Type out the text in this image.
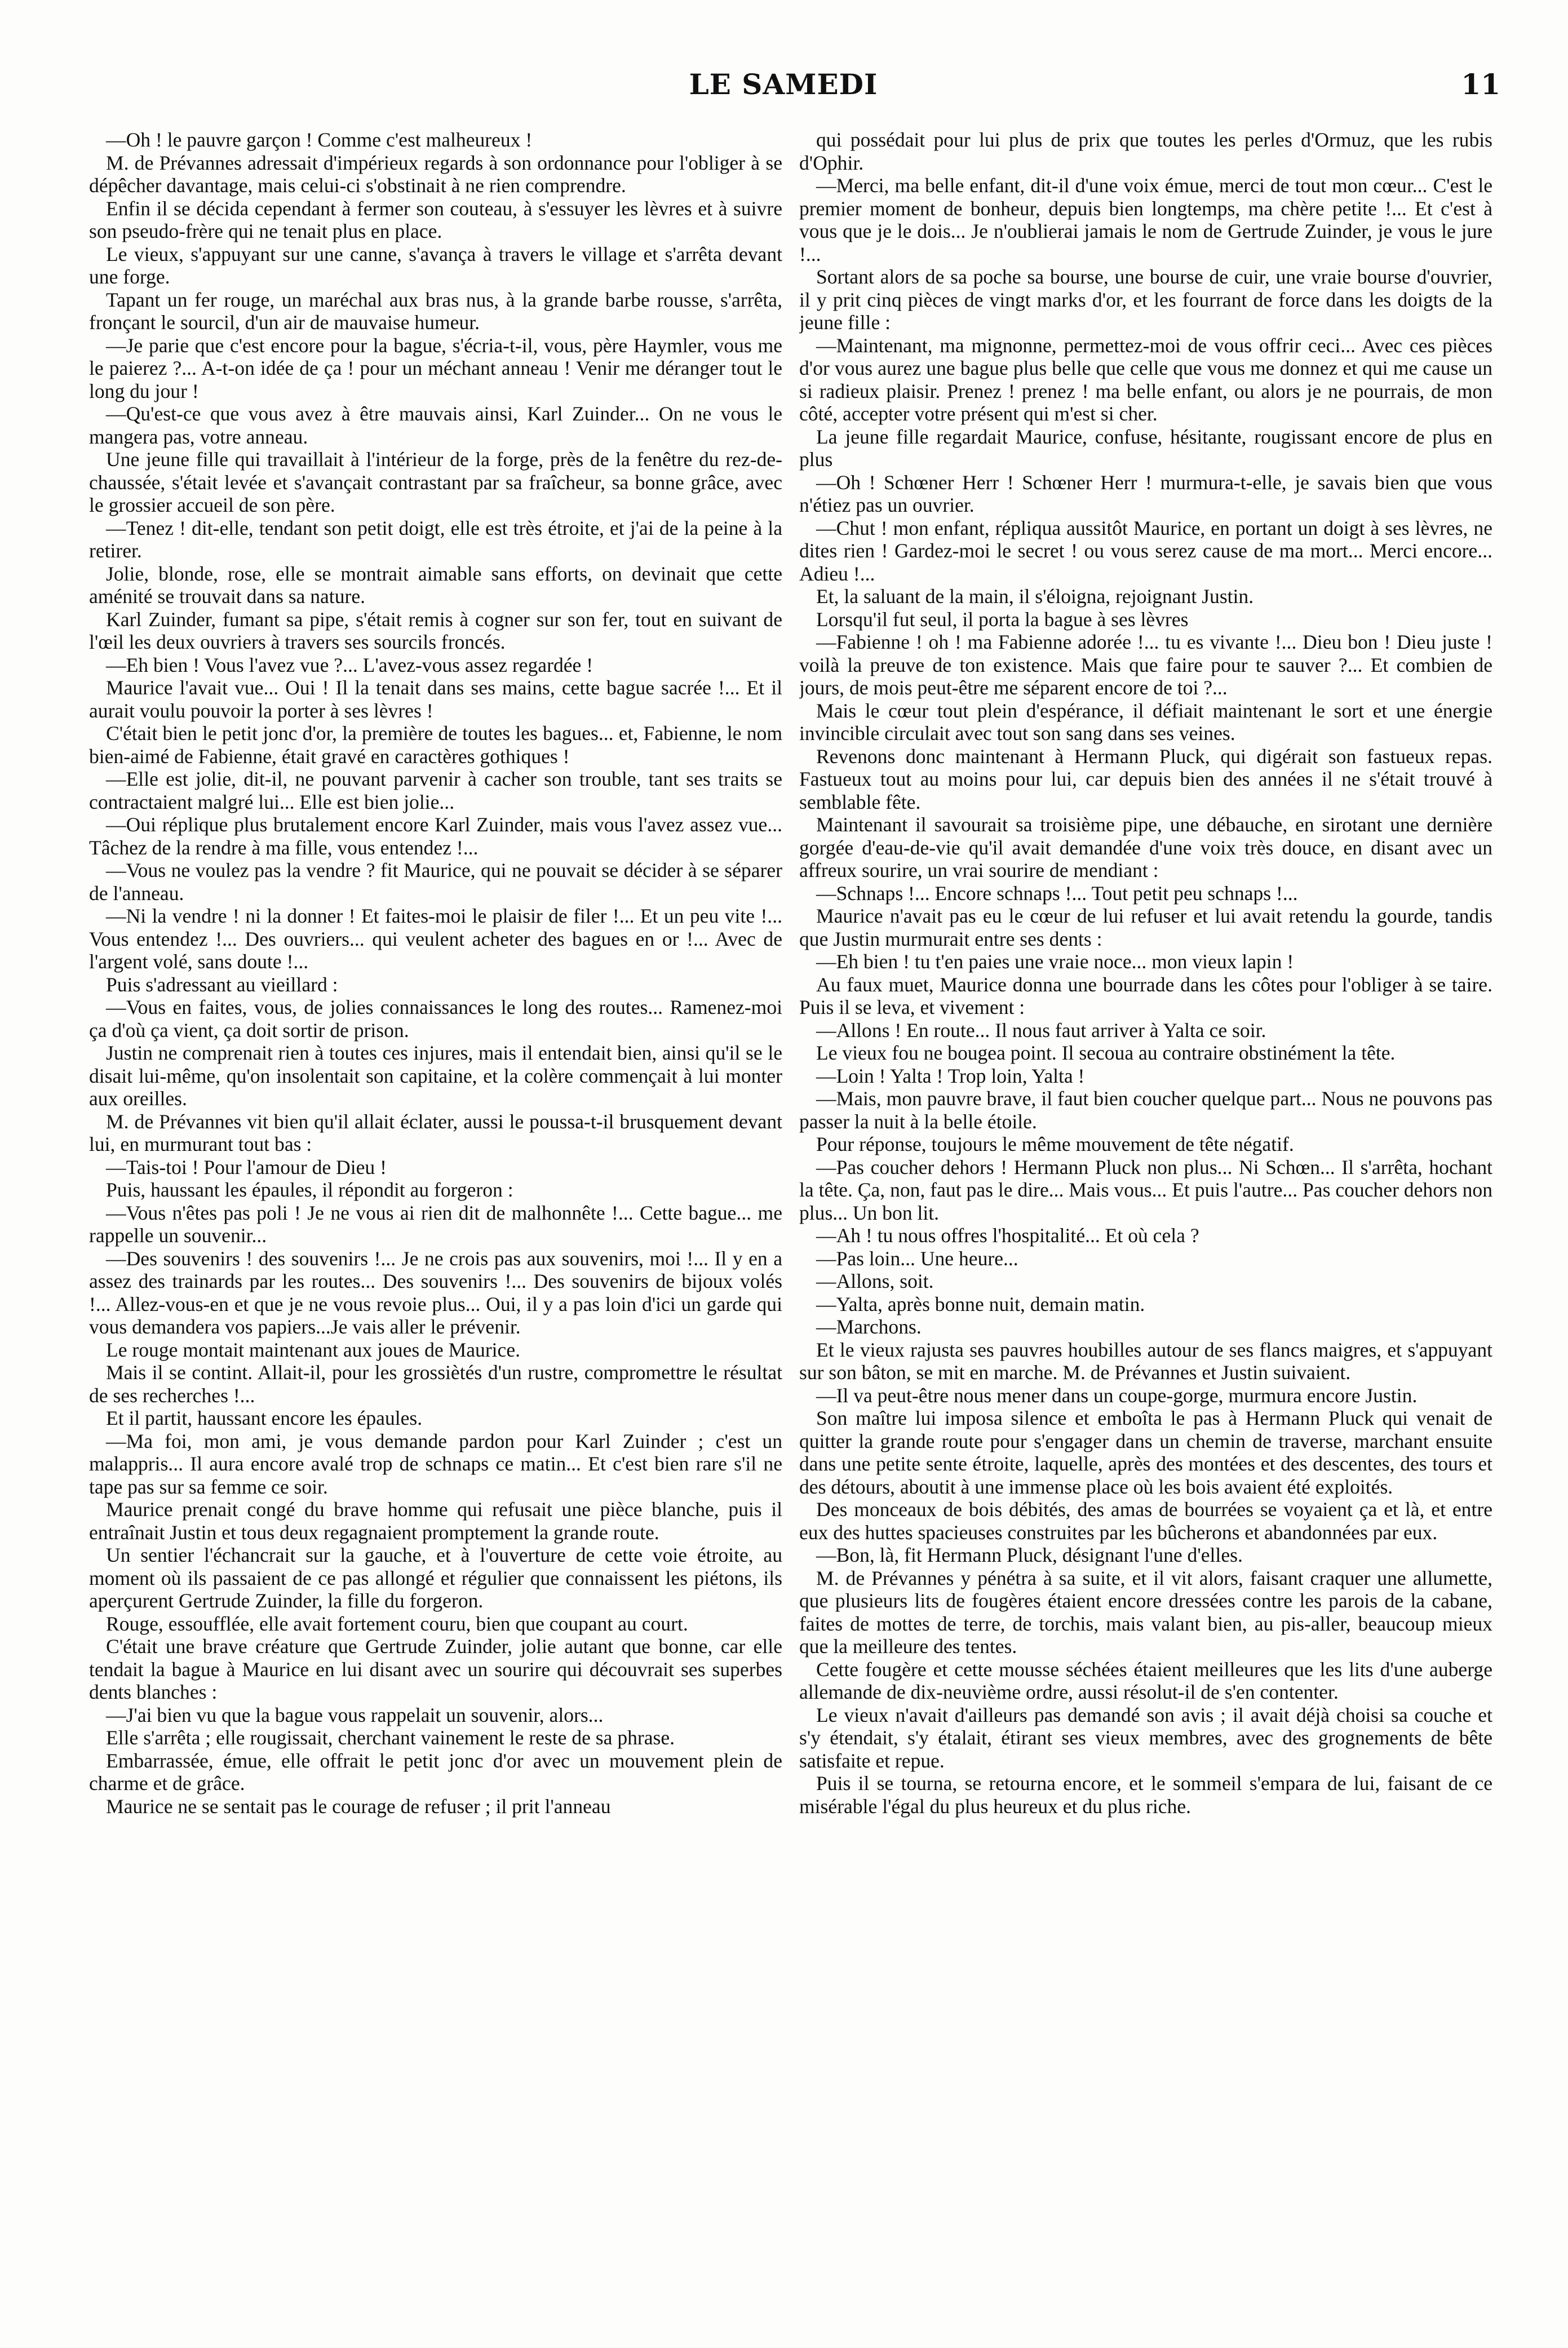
LE SAMEDI	11

—Oh ! le pauvre garçon ! Comme c'est malheureux !

M. de Prévannes adressait d'impérieux regards à son ordonnance pour l'obliger à se dépêcher davantage, mais celui-ci s'obstinait à ne rien comprendre.

Enfin il se décida cependant à fermer son couteau, à s'essuyer les lèvres et à suivre son pseudo-frère qui ne tenait plus en place.

Le vieux, s'appuyant sur une canne, s'avança à travers le village et s'arrêta devant une forge.

Tapant un fer rouge, un maréchal aux bras nus, à la grande barbe rousse, s'arrêta, fronçant le sourcil, d'un air de mauvaise humeur.

—Je parie que c'est encore pour la bague, s'écria-t-il, vous, père Haymler, vous me le paierez ?... A-t-on idée de ça ! pour un méchant anneau ! Venir me déranger tout le long du jour !

—Qu'est-ce que vous avez à être mauvais ainsi, Karl Zuinder... On ne vous le mangera pas, votre anneau.

Une jeune fille qui travaillait à l'intérieur de la forge, près de la fenêtre du rez-de-chaussée, s'était levée et s'avançait contrastant par sa fraîcheur, sa bonne grâce, avec le grossier accueil de son père.

—Tenez ! dit-elle, tendant son petit doigt, elle est très étroite, et j'ai de la peine à la retirer.

Jolie, blonde, rose, elle se montrait aimable sans efforts, on devinait que cette aménité se trouvait dans sa nature.

Karl Zuinder, fumant sa pipe, s'était remis à cogner sur son fer, tout en suivant de l'œil les deux ouvriers à travers ses sourcils froncés.

—Eh bien ! Vous l'avez vue ?... L'avez-vous assez regardée !

Maurice l'avait vue... Oui ! Il la tenait dans ses mains, cette bague sacrée !... Et il aurait voulu pouvoir la porter à ses lèvres !

C'était bien le petit jonc d'or, la première de toutes les bagues... et, Fabienne, le nom bien-aimé de Fabienne, était gravé en caractères gothiques !

—Elle est jolie, dit-il, ne pouvant parvenir à cacher son trouble, tant ses traits se contractaient malgré lui... Elle est bien jolie...

—Oui réplique plus brutalement encore Karl Zuinder, mais vous l'avez assez vue... Tâchez de la rendre à ma fille, vous entendez !...

—Vous ne voulez pas la vendre ? fit Maurice, qui ne pouvait se décider à se séparer de l'anneau.

—Ni la vendre ! ni la donner ! Et faites-moi le plaisir de filer !... Et un peu vite !... Vous entendez !... Des ouvriers... qui veulent acheter des bagues en or !... Avec de l'argent volé, sans doute !...

Puis s'adressant au vieillard :

—Vous en faites, vous, de jolies connaissances le long des routes... Ramenez-moi ça d'où ça vient, ça doit sortir de prison.

Justin ne comprenait rien à toutes ces injures, mais il entendait bien, ainsi qu'il se le disait lui-même, qu'on insolentait son capitaine, et la colère commençait à lui monter aux oreilles.

M. de Prévannes vit bien qu'il allait éclater, aussi le poussa-t-il brusquement devant lui, en murmurant tout bas :

—Tais-toi ! Pour l'amour de Dieu !

Puis, haussant les épaules, il répondit au forgeron :

—Vous n'êtes pas poli ! Je ne vous ai rien dit de malhonnête !... Cette bague... me rappelle un souvenir...

—Des souvenirs ! des souvenirs !... Je ne crois pas aux souvenirs, moi !... Il y en a assez des trainards par les routes... Des souvenirs !... Des souvenirs de bijoux volés !... Allez-vous-en et que je ne vous revoie plus... Oui, il y a pas loin d'ici un garde qui vous demandera vos papiers...Je vais aller le prévenir.

Le rouge montait maintenant aux joues de Maurice.

Mais il se contint. Allait-il, pour les grossiètés d'un rustre, compromettre le résultat de ses recherches !...

Et il partit, haussant encore les épaules.

—Ma foi, mon ami, je vous demande pardon pour Karl Zuinder ; c'est un malappris... Il aura encore avalé trop de schnaps ce matin... Et c'est bien rare s'il ne tape pas sur sa femme ce soir.

Maurice prenait congé du brave homme qui refusait une pièce blanche, puis il entraînait Justin et tous deux regagnaient promptement la grande route.

Un sentier l'échancrait sur la gauche, et à l'ouverture de cette voie étroite, au moment où ils passaient de ce pas allongé et régulier que connaissent les piétons, ils aperçurent Gertrude Zuinder, la fille du forgeron.

Rouge, essoufflée, elle avait fortement couru, bien que coupant au court.

C'était une brave créature que Gertrude Zuinder, jolie autant que bonne, car elle tendait la bague à Maurice en lui disant avec un sourire qui découvrait ses superbes dents blanches :

—J'ai bien vu que la bague vous rappelait un souvenir, alors...

Elle s'arrêta ; elle rougissait, cherchant vainement le reste de sa phrase.

Embarrassée, émue, elle offrait le petit jonc d'or avec un mouvement plein de charme et de grâce.

Maurice ne se sentait pas le courage de refuser ; il prit l'anneau

qui possédait pour lui plus de prix que toutes les perles d'Ormuz, que les rubis d'Ophir.

—Merci, ma belle enfant, dit-il d'une voix émue, merci de tout mon cœur... C'est le premier moment de bonheur, depuis bien longtemps, ma chère petite !... Et c'est à vous que je le dois... Je n'oublierai jamais le nom de Gertrude Zuinder, je vous le jure !...

Sortant alors de sa poche sa bourse, une bourse de cuir, une vraie bourse d'ouvrier, il y prit cinq pièces de vingt marks d'or, et les fourrant de force dans les doigts de la jeune fille :

—Maintenant, ma mignonne, permettez-moi de vous offrir ceci... Avec ces pièces d'or vous aurez une bague plus belle que celle que vous me donnez et qui me cause un si radieux plaisir. Prenez ! prenez ! ma belle enfant, ou alors je ne pourrais, de mon côté, accepter votre présent qui m'est si cher.

La jeune fille regardait Maurice, confuse, hésitante, rougissant encore de plus en plus

—Oh ! Schœner Herr ! Schœner Herr ! murmura-t-elle, je savais bien que vous n'étiez pas un ouvrier.

—Chut ! mon enfant, répliqua aussitôt Maurice, en portant un doigt à ses lèvres, ne dites rien ! Gardez-moi le secret ! ou vous serez cause de ma mort... Merci encore... Adieu !...

Et, la saluant de la main, il s'éloigna, rejoignant Justin.

Lorsqu'il fut seul, il porta la bague à ses lèvres

—Fabienne ! oh ! ma Fabienne adorée !... tu es vivante !... Dieu bon ! Dieu juste ! voilà la preuve de ton existence. Mais que faire pour te sauver ?... Et combien de jours, de mois peut-être me séparent encore de toi ?...

Mais le cœur tout plein d'espérance, il défiait maintenant le sort et une énergie invincible circulait avec tout son sang dans ses veines.

Revenons donc maintenant à Hermann Pluck, qui digérait son fastueux repas. Fastueux tout au moins pour lui, car depuis bien des années il ne s'était trouvé à semblable fête.

Maintenant il savourait sa troisième pipe, une débauche, en sirotant une dernière gorgée d'eau-de-vie qu'il avait demandée d'une voix très douce, en disant avec un affreux sourire, un vrai sourire de mendiant :

—Schnaps !... Encore schnaps !... Tout petit peu schnaps !...

Maurice n'avait pas eu le cœur de lui refuser et lui avait retendu la gourde, tandis que Justin murmurait entre ses dents :

—Eh bien ! tu t'en paies une vraie noce... mon vieux lapin !

Au faux muet, Maurice donna une bourrade dans les côtes pour l'obliger à se taire. Puis il se leva, et vivement :

—Allons ! En route... Il nous faut arriver à Yalta ce soir.

Le vieux fou ne bougea point. Il secoua au contraire obstinément la tête.

—Loin ! Yalta ! Trop loin, Yalta !

—Mais, mon pauvre brave, il faut bien coucher quelque part... Nous ne pouvons pas passer la nuit à la belle étoile.

Pour réponse, toujours le même mouvement de tête négatif.

—Pas coucher dehors ! Hermann Pluck non plus... Ni Schœn... Il s'arrêta, hochant la tête. Ça, non, faut pas le dire... Mais vous... Et puis l'autre... Pas coucher dehors non plus... Un bon lit.

—Ah ! tu nous offres l'hospitalité... Et où cela ?

—Pas loin... Une heure...

—Allons, soit.

—Yalta, après bonne nuit, demain matin.

—Marchons.

Et le vieux rajusta ses pauvres houbilles autour de ses flancs maigres, et s'appuyant sur son bâton, se mit en marche. M. de Prévannes et Justin suivaient.

—Il va peut-être nous mener dans un coupe-gorge, murmura encore Justin.

Son maître lui imposa silence et emboîta le pas à Hermann Pluck qui venait de quitter la grande route pour s'engager dans un chemin de traverse, marchant ensuite dans une petite sente étroite, laquelle, après des montées et des descentes, des tours et des détours, aboutit à une immense place où les bois avaient été exploités.

Des monceaux de bois débités, des amas de bourrées se voyaient ça et là, et entre eux des huttes spacieuses construites par les bûcherons et abandonnées par eux.

—Bon, là, fit Hermann Pluck, désignant l'une d'elles.

M. de Prévannes y pénétra à sa suite, et il vit alors, faisant craquer une allumette, que plusieurs lits de fougères étaient encore dressées contre les parois de la cabane, faites de mottes de terre, de torchis, mais valant bien, au pis-aller, beaucoup mieux que la meilleure des tentes.

Cette fougère et cette mousse séchées étaient meilleures que les lits d'une auberge allemande de dix-neuvième ordre, aussi résolut-il de s'en contenter.

Le vieux n'avait d'ailleurs pas demandé son avis ; il avait déjà choisi sa couche et s'y étendait, s'y étalait, étirant ses vieux membres, avec des grognements de bête satisfaite et repue.

Puis il se tourna, se retourna encore, et le sommeil s'empara de lui, faisant de ce misérable l'égal du plus heureux et du plus riche.
